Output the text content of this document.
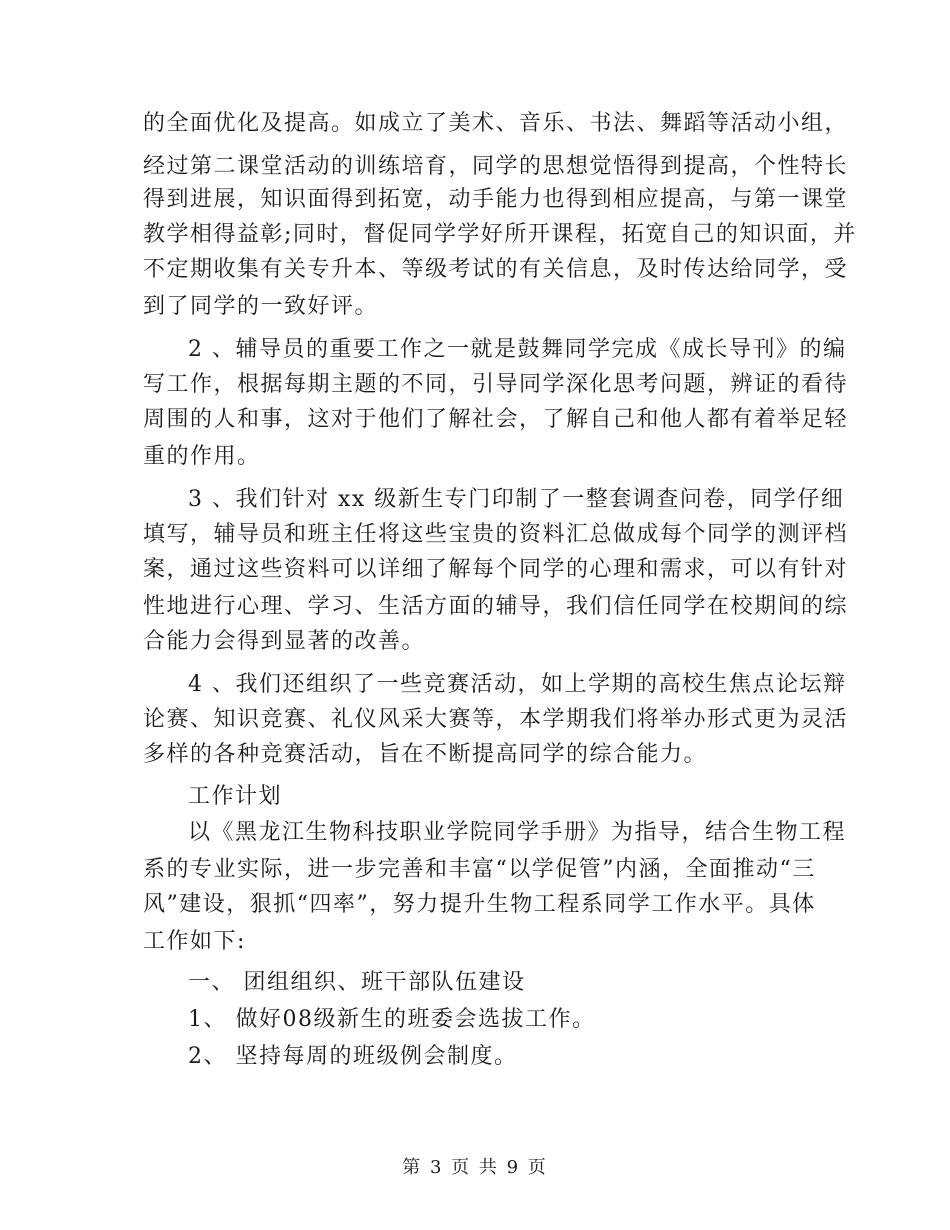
的全面优化及提高。如成立了美术、音乐、书法、舞蹈等活动小组，
经过第二课堂活动的训练培育，同学的思想觉悟得到提高，个性特长
得到进展，知识面得到拓宽，动手能力也得到相应提高，与第一课堂
教学相得益彰;同时，督促同学学好所开课程，拓宽自己的知识面，并
不定期收集有关专升本、等级考试的有关信息，及时传达给同学，受
到了同学的一致好评。
2 、辅导员的重要工作之一就是鼓舞同学完成《成长导刊》的编
写工作，根据每期主题的不同，引导同学深化思考问题，辨证的看待
周围的人和事，这对于他们了解社会，了解自己和他人都有着举足轻
重的作用。
3 、我们针对 xx 级新生专门印制了一整套调查问卷，同学仔细
填写，辅导员和班主任将这些宝贵的资料汇总做成每个同学的测评档
案，通过这些资料可以详细了解每个同学的心理和需求，可以有针对
性地进行心理、学习、生活方面的辅导，我们信任同学在校期间的综
合能力会得到显著的改善。
4 、我们还组织了一些竞赛活动，如上学期的高校生焦点论坛辩
论赛、知识竞赛、礼仪风采大赛等，本学期我们将举办形式更为灵活
多样的各种竞赛活动，旨在不断提高同学的综合能力。
工作计划
以《黑龙江生物科技职业学院同学手册》为指导，结合生物工程
系的专业实际，进一步完善和丰富“以学促管”内涵，全面推动“三
风”建设，狠抓“四率”，努力提升生物工程系同学工作水平。具体
工作如下:
一、 团组组织、班干部队伍建设
1、 做好08级新生的班委会选拔工作。
2、 坚持每周的班级例会制度。
第 3 页 共 9 页
